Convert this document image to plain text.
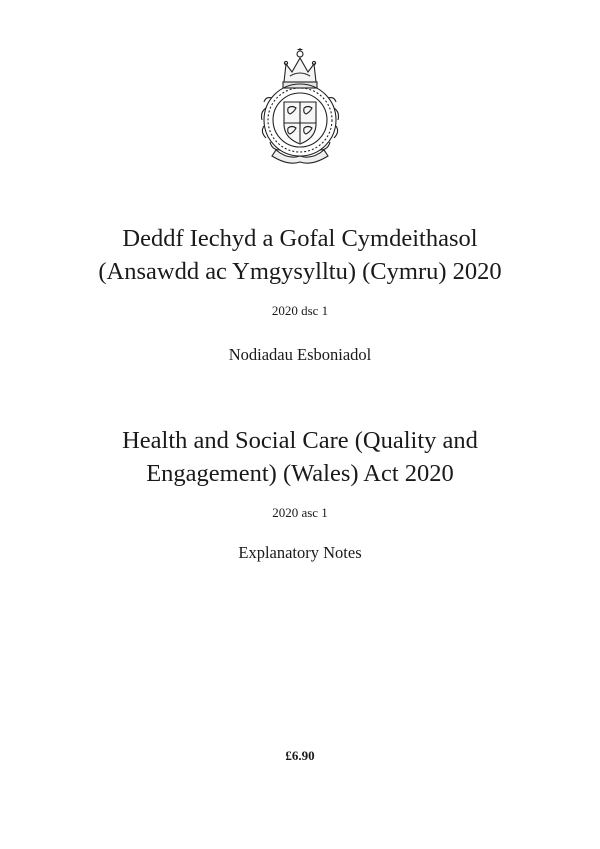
Deddf Iechyd a Gofal Cymdeithasol
(Ansawdd ac Ymgysylltu) (Cymru) 2020
2020 dsc 1
Nodiadau Esboniadol
Health and Social Care (Quality and
Engagement) (Wales) Act 2020
2020 asc 1
Explanatory Notes
£6.90
